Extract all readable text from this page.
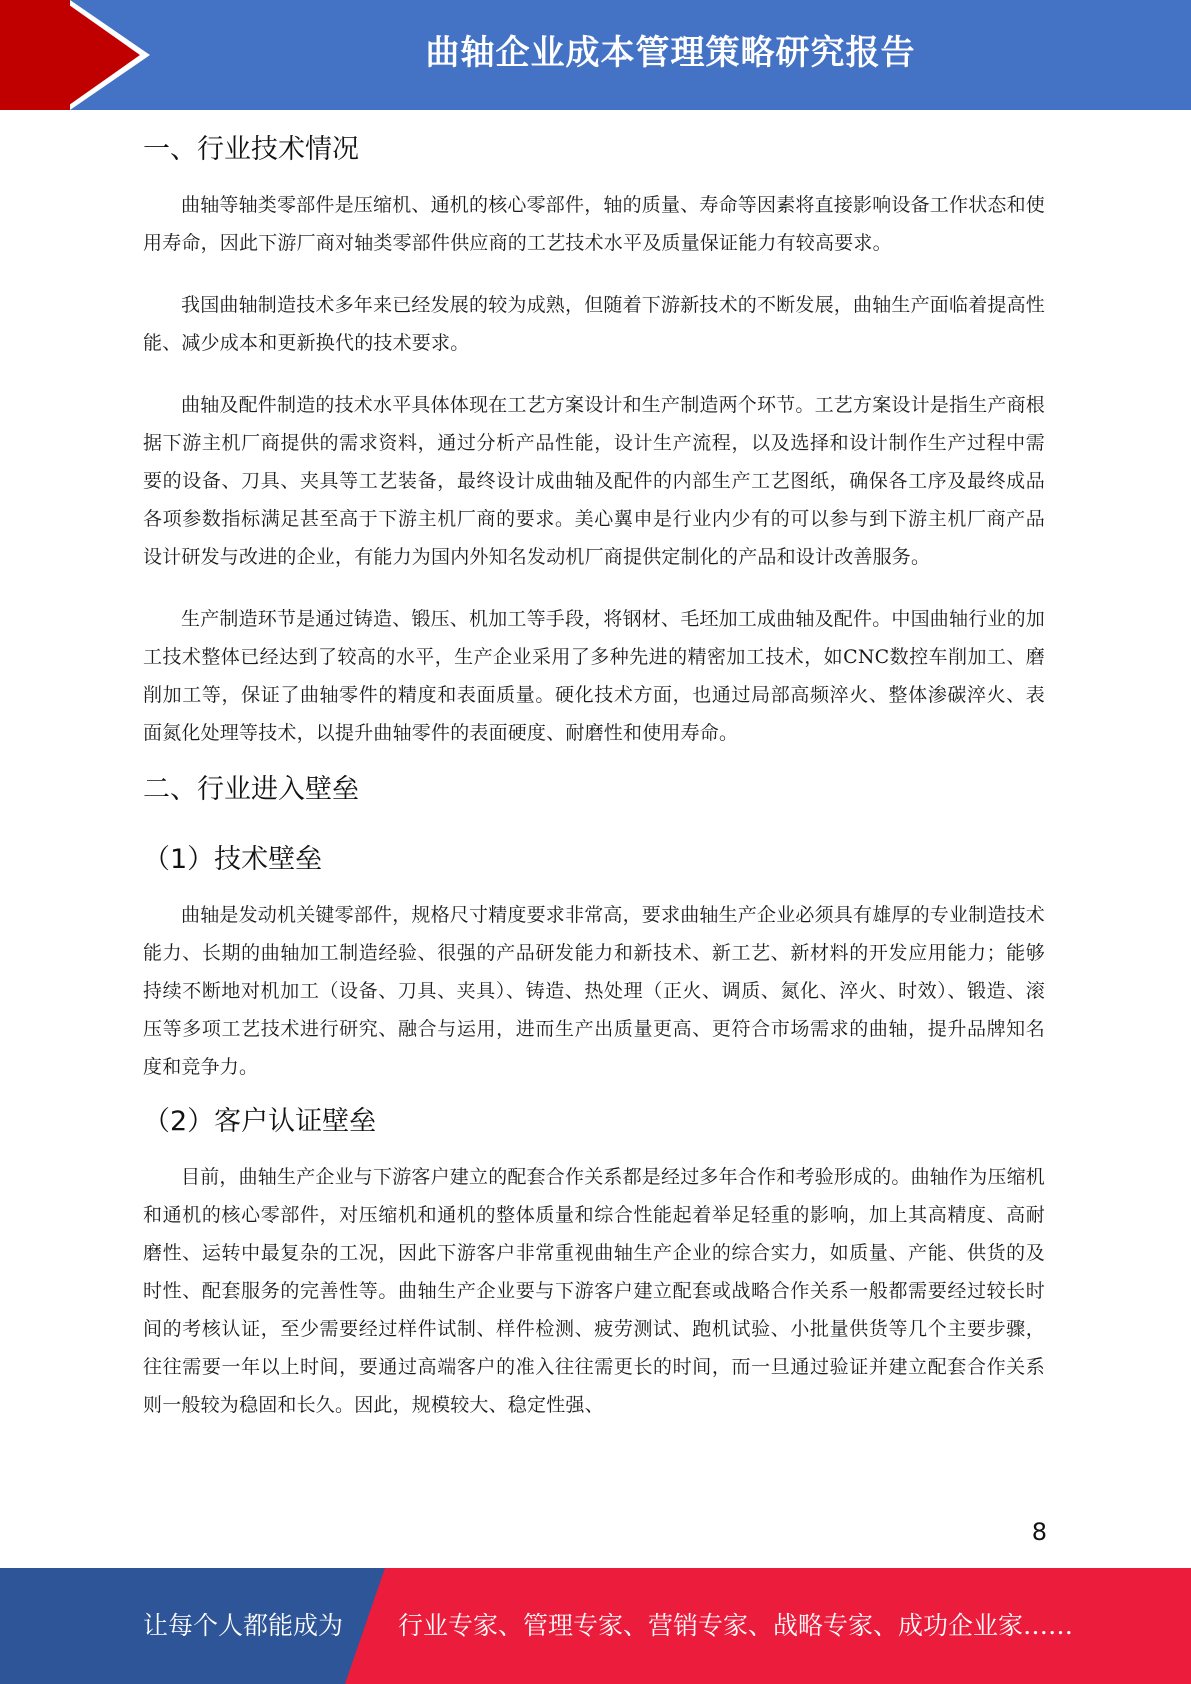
曲轴企业成本管理策略研究报告
一、行业技术情况

曲轴等轴类零部件是压缩机、通机的核心零部件，轴的质量、寿命等因素将直接影响设备工作状态和使用寿命，因此下游厂商对轴类零部件供应商的工艺技术水平及质量保证能力有较高要求。

我国曲轴制造技术多年来已经发展的较为成熟，但随着下游新技术的不断发展，曲轴生产面临着提高性能、减少成本和更新换代的技术要求。

曲轴及配件制造的技术水平具体体现在工艺方案设计和生产制造两个环节。工艺方案设计是指生产商根据下游主机厂商提供的需求资料，通过分析产品性能，设计生产流程，以及选择和设计制作生产过程中需要的设备、刀具、夹具等工艺装备，最终设计成曲轴及配件的内部生产工艺图纸，确保各工序及最终成品各项参数指标满足甚至高于下游主机厂商的要求。美心翼申是行业内少有的可以参与到下游主机厂商产品设计研发与改进的企业，有能力为国内外知名发动机厂商提供定制化的产品和设计改善服务。

生产制造环节是通过铸造、锻压、机加工等手段，将钢材、毛坯加工成曲轴及配件。中国曲轴行业的加工技术整体已经达到了较高的水平，生产企业采用了多种先进的精密加工技术，如CNC数控车削加工、磨削加工等，保证了曲轴零件的精度和表面质量。硬化技术方面，也通过局部高频淬火、整体渗碳淬火、表面氮化处理等技术，以提升曲轴零件的表面硬度、耐磨性和使用寿命。

二、行业进入壁垒
（1）技术壁垒

曲轴是发动机关键零部件，规格尺寸精度要求非常高，要求曲轴生产企业必须具有雄厚的专业制造技术能力、长期的曲轴加工制造经验、很强的产品研发能力和新技术、新工艺、新材料的开发应用能力；能够持续不断地对机加工（设备、刀具、夹具）、铸造、热处理（正火、调质、氮化、淬火、时效）、锻造、滚压等多项工艺技术进行研究、融合与运用，进而生产出质量更高、更符合市场需求的曲轴，提升品牌知名度和竞争力。

（2）客户认证壁垒

目前，曲轴生产企业与下游客户建立的配套合作关系都是经过多年合作和考验形成的。曲轴作为压缩机和通机的核心零部件，对压缩机和通机的整体质量和综合性能起着举足轻重的影响，加上其高精度、高耐磨性、运转中最复杂的工况，因此下游客户非常重视曲轴生产企业的综合实力，如质量、产能、供货的及时性、配套服务的完善性等。曲轴生产企业要与下游客户建立配套或战略合作关系一般都需要经过较长时间的考核认证，至少需要经过样件试制、样件检测、疲劳测试、跑机试验、小批量供货等几个主要步骤，往往需要一年以上时间，要通过高端客户的准入往往需更长的时间，而一旦通过验证并建立配套合作关系则一般较为稳固和长久。因此，规模较大、稳定性强、

8
让每个人都能成为 行业专家、管理专家、营销专家、战略专家、成功企业家……
